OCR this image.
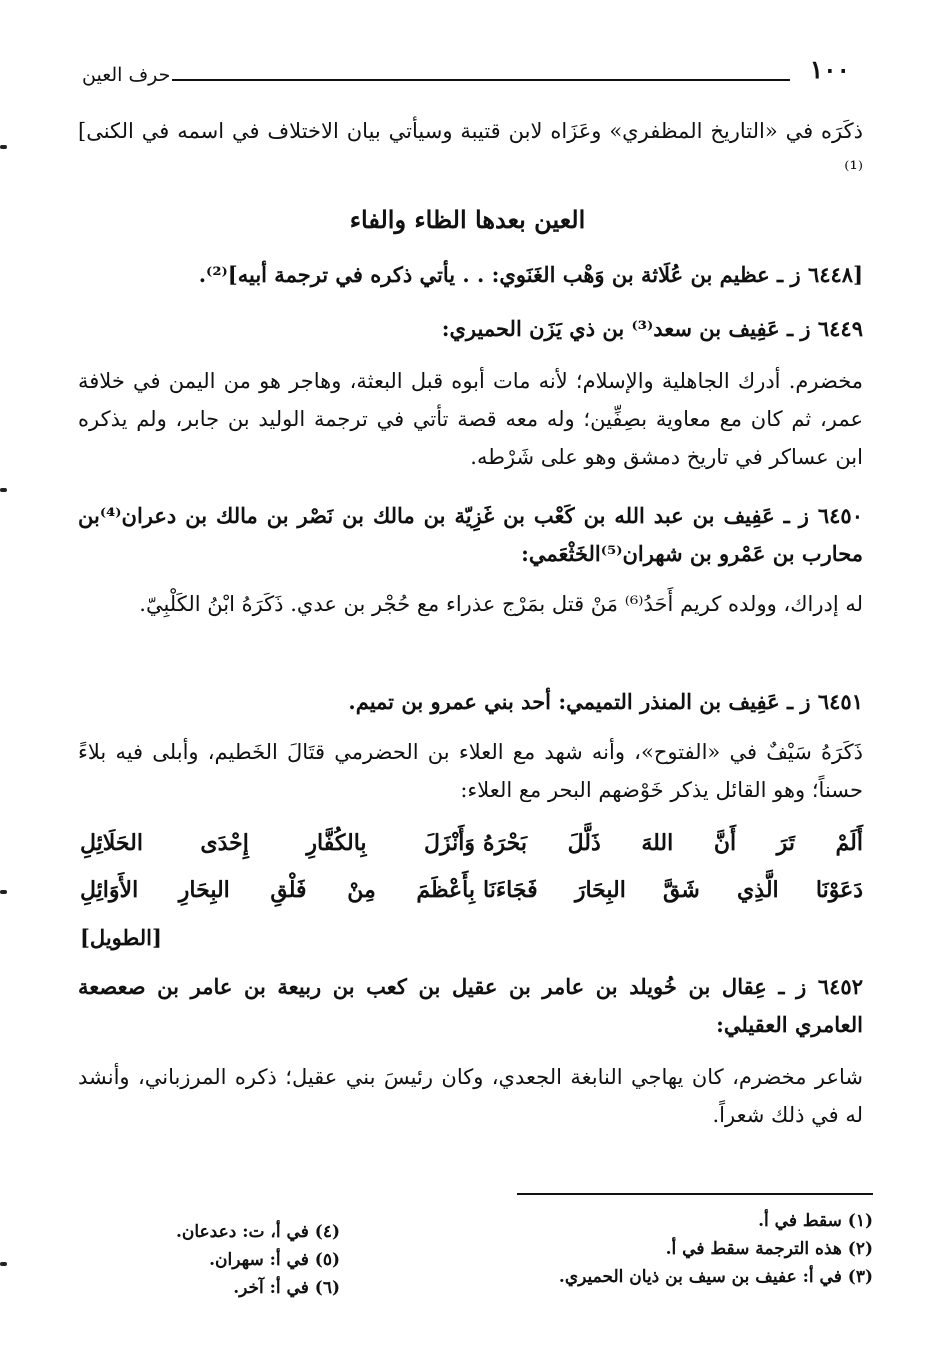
١٠٠
حرف العين
ذكَرَه في «التاريخ المظفري» وعَزَاه لابن قتيبة وسيأتي بيان الاختلاف في اسمه في الكنى]⁽¹⁾
العين بعدها الظاء والفاء
[٦٤٤٨ ز ـ عظيم بن عُلَاثة بن وَهْب الغَنَوي: . . يأتي ذكره في ترجمة أبيه]⁽²⁾.
٦٤٤٩ ز ـ عَفِيف بن سعد⁽³⁾ بن ذي يَزَن الحميري:
مخضرم. أدرك الجاهلية والإسلام؛ لأنه مات أبوه قبل البعثة، وهاجر هو من اليمن في خلافة عمر، ثم كان مع معاوية بصِفِّين؛ وله معه قصة تأتي في ترجمة الوليد بن جابر، ولم يذكره ابن عساكر في تاريخ دمشق وهو على شَرْطه.
٦٤٥٠ ز ـ عَفِيف بن عبد الله بن كَعْب بن غَزِيّة بن مالك بن نَصْر بن مالك بن دعران⁽⁴⁾بن محارب بن عَمْرو بن شهران⁽⁵⁾الخَثْعَمي:
له إدراك، وولده كريم أَحَدُ⁽⁶⁾ مَنْ قتل بمَرْج عذراء مع حُجْر بن عدي. ذَكَرَهُ ابْنُ الكَلْبِيّ.
٦٤٥١ ز ـ عَفِيف بن المنذر التميمي: أحد بني عمرو بن تميم.
ذَكَرَهُ سَيْفٌ في «الفتوح»، وأنه شهد مع العلاء بن الحضرمي قتَالَ الخَطيم، وأبلى فيه بلاءً حسناً؛ وهو القائل يذكر خَوْضهم البحر مع العلاء:
أَلَمْ تَرَ أَنَّ اللهَ ذَلَّلَ بَحْرَهُ
وَأَنْزَلَ بِالكُفَّارِ إِحْدَى الحَلَائِلِ
دَعَوْنَا الَّذِي شَقَّ البِحَارَ فَجَاءَنَا
بِأَعْظَمَ مِنْ فَلْقِ البِحَارِ الأَوَائِلِ
[الطويل]
٦٤٥٢ ز ـ عِقال بن خُويلد بن عامر بن عقيل بن كعب بن ربيعة بن عامر بن صعصعة العامري العقيلي:
شاعر مخضرم، كان يهاجي النابغة الجعدي، وكان رئيسَ بني عقيل؛ ذكره المرزباني، وأنشد له في ذلك شعراً.
(١) سقط في أ.
(٢) هذه الترجمة سقط في أ.
(٣) في أ: عفيف بن سيف بن ذيان الحميري.
(٤) في أ، ت: دعدعان.
(٥) في أ: سهران.
(٦) في أ: آخر.
